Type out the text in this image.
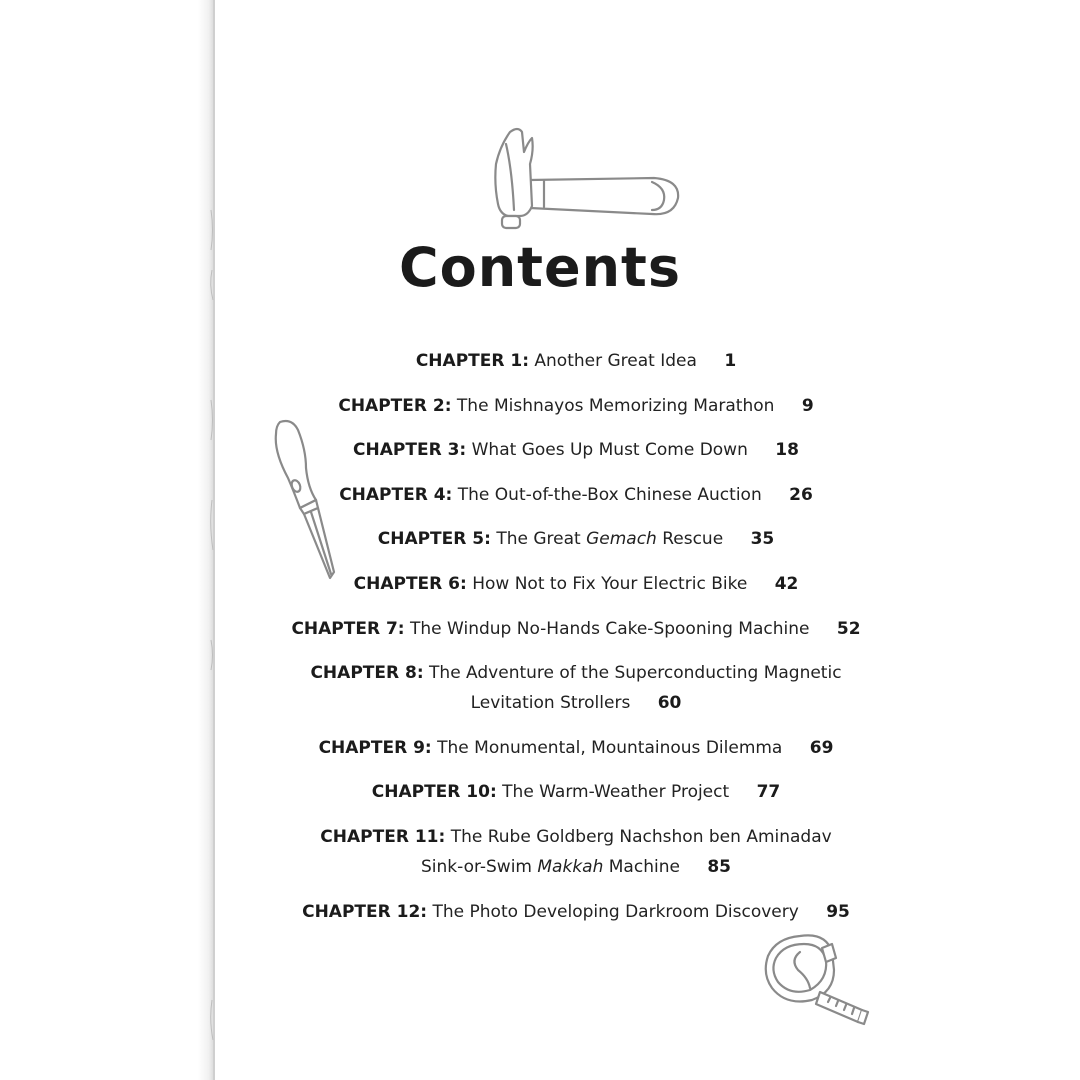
Contents
CHAPTER 1: Another Great Idea 1
CHAPTER 2: The Mishnayos Memorizing Marathon 9
CHAPTER 3: What Goes Up Must Come Down 18
CHAPTER 4: The Out-of-the-Box Chinese Auction 26
CHAPTER 5: The Great Gemach Rescue 35
CHAPTER 6: How Not to Fix Your Electric Bike 42
CHAPTER 7: The Windup No-Hands Cake-Spooning Machine 52
CHAPTER 8: The Adventure of the Superconducting Magnetic
Levitation Strollers 60
CHAPTER 9: The Monumental, Mountainous Dilemma 69
CHAPTER 10: The Warm-Weather Project 77
CHAPTER 11: The Rube Goldberg Nachshon ben Aminadav
Sink-or-Swim Makkah Machine 85
CHAPTER 12: The Photo Developing Darkroom Discovery 95
